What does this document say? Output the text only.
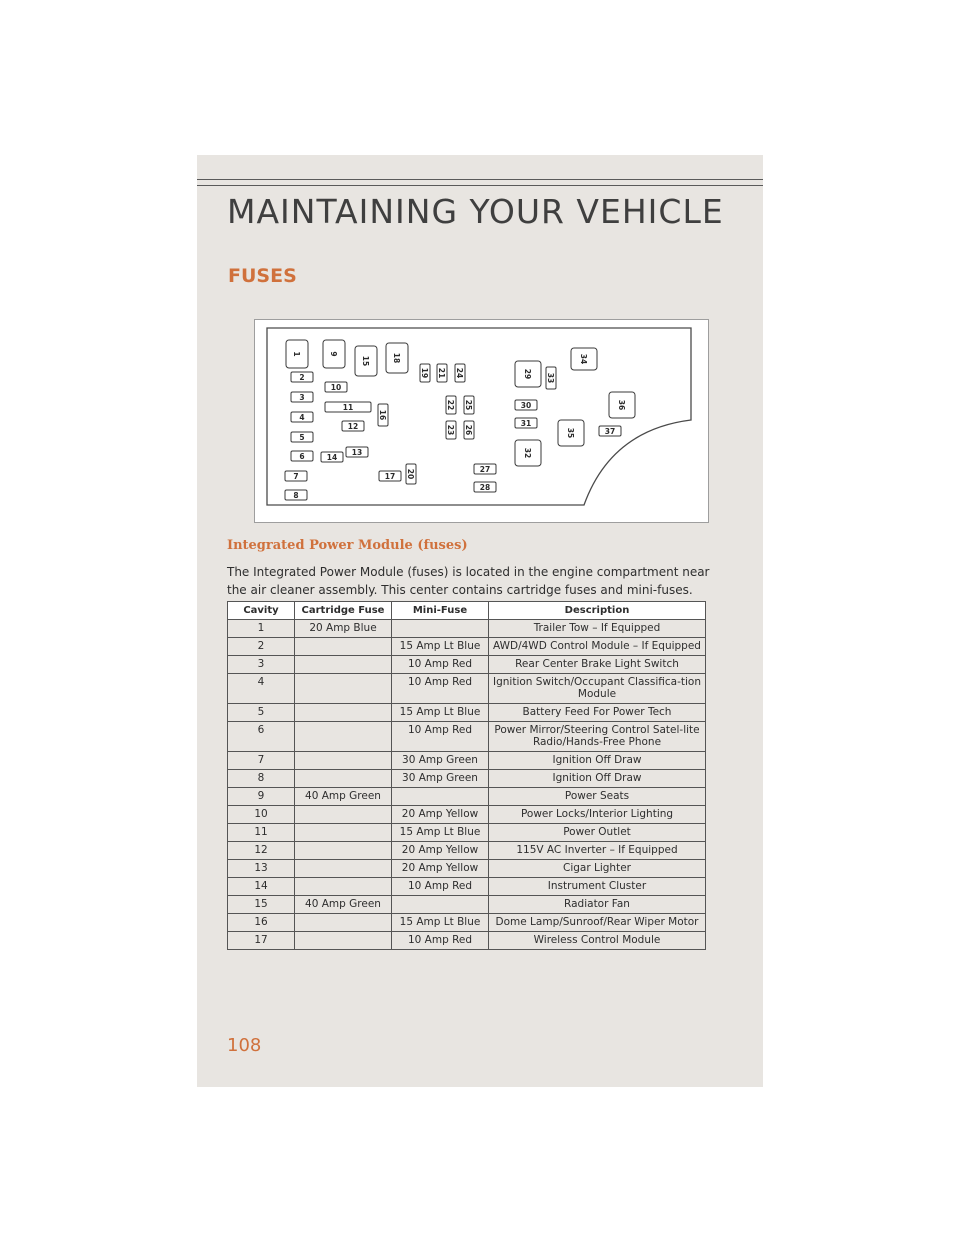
MAINTAINING YOUR VEHICLE
FUSES
1	9
15	18
2
10
3
11
4	16
12
5
13
6	14
7	17 20
8
19 21 24
22 25
23 26
27
28
29 33
30
31
32
34
35
36
37
Integrated Power Module (fuses)
The Integrated Power Module (fuses) is located in the engine compartment near the air cleaner assembly. This center contains cartridge fuses and mini-fuses.
Cavity	Cartridge Fuse	Mini-Fuse	Description
1	20 Amp Blue		Trailer Tow – If Equipped
2		15 Amp Lt Blue	AWD/4WD Control Module – If Equipped
3		10 Amp Red	Rear Center Brake Light Switch
4		10 Amp Red	Ignition Switch/Occupant Classifica-tion Module
5		15 Amp Lt Blue	Battery Feed For Power Tech
6		10 Amp Red	Power Mirror/Steering Control Satel-lite Radio/Hands-Free Phone
7		30 Amp Green	Ignition Off Draw
8		30 Amp Green	Ignition Off Draw
9	40 Amp Green		Power Seats
10		20 Amp Yellow	Power Locks/Interior Lighting
11		15 Amp Lt Blue	Power Outlet
12		20 Amp Yellow	115V AC Inverter – If Equipped
13		20 Amp Yellow	Cigar Lighter
14		10 Amp Red	Instrument Cluster
15	40 Amp Green		Radiator Fan
16		15 Amp Lt Blue	Dome Lamp/Sunroof/Rear Wiper Motor
17		10 Amp Red	Wireless Control Module
108
